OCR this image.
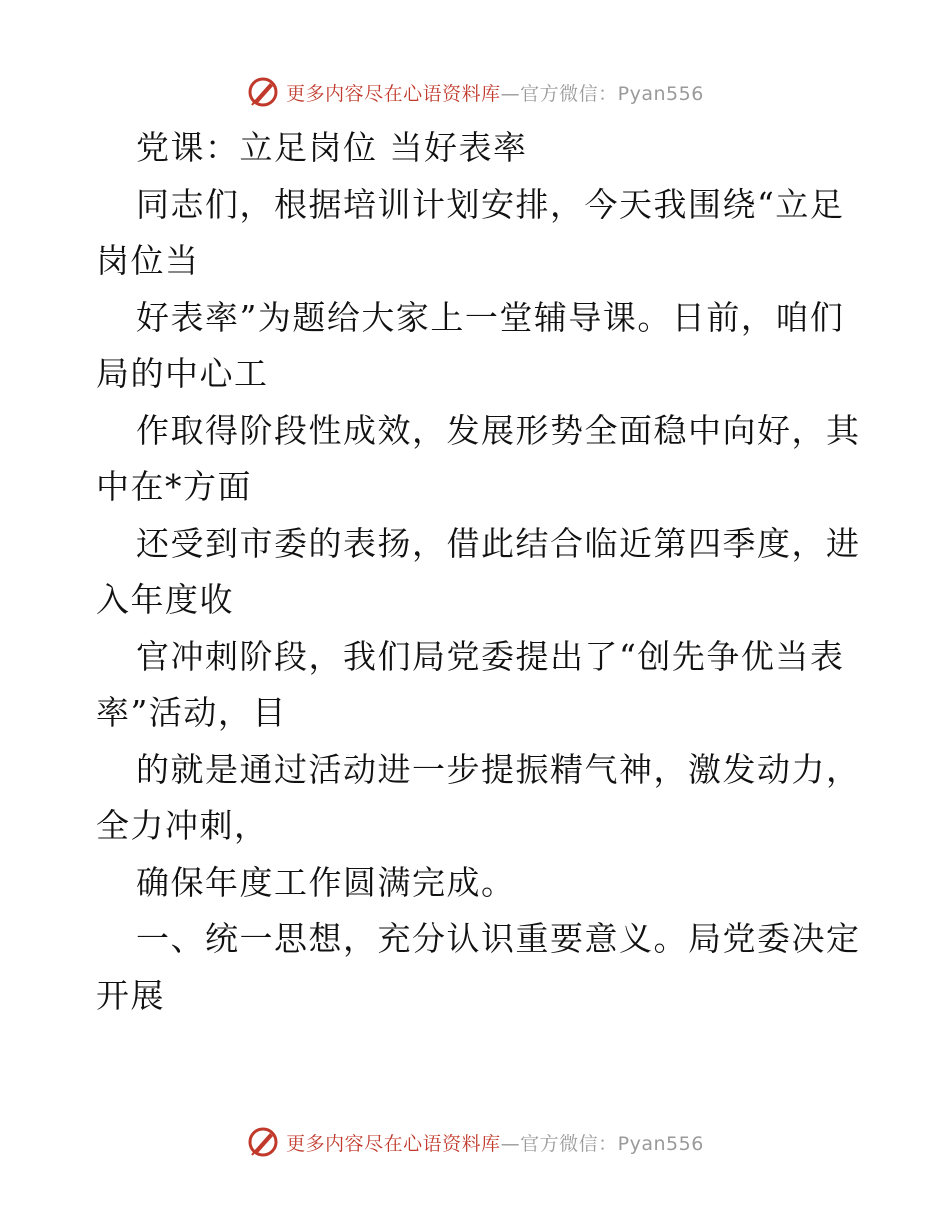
更多内容尽在心语资料库—官方微信：Pyan556
党课：立足岗位 当好表率
同志们，根据培训计划安排，今天我围绕“立足
岗位当
好表率”为题给大家上一堂辅导课。日前，咱们
局的中心工
作取得阶段性成效，发展形势全面稳中向好，其
中在*方面
还受到市委的表扬，借此结合临近第四季度，进
入年度收
官冲刺阶段，我们局党委提出了“创先争优当表
率”活动，目
的就是通过活动进一步提振精气神，激发动力，
全力冲刺，
确保年度工作圆满完成。
一、统一思想，充分认识重要意义。局党委决定
开展
更多内容尽在心语资料库—官方微信：Pyan556
